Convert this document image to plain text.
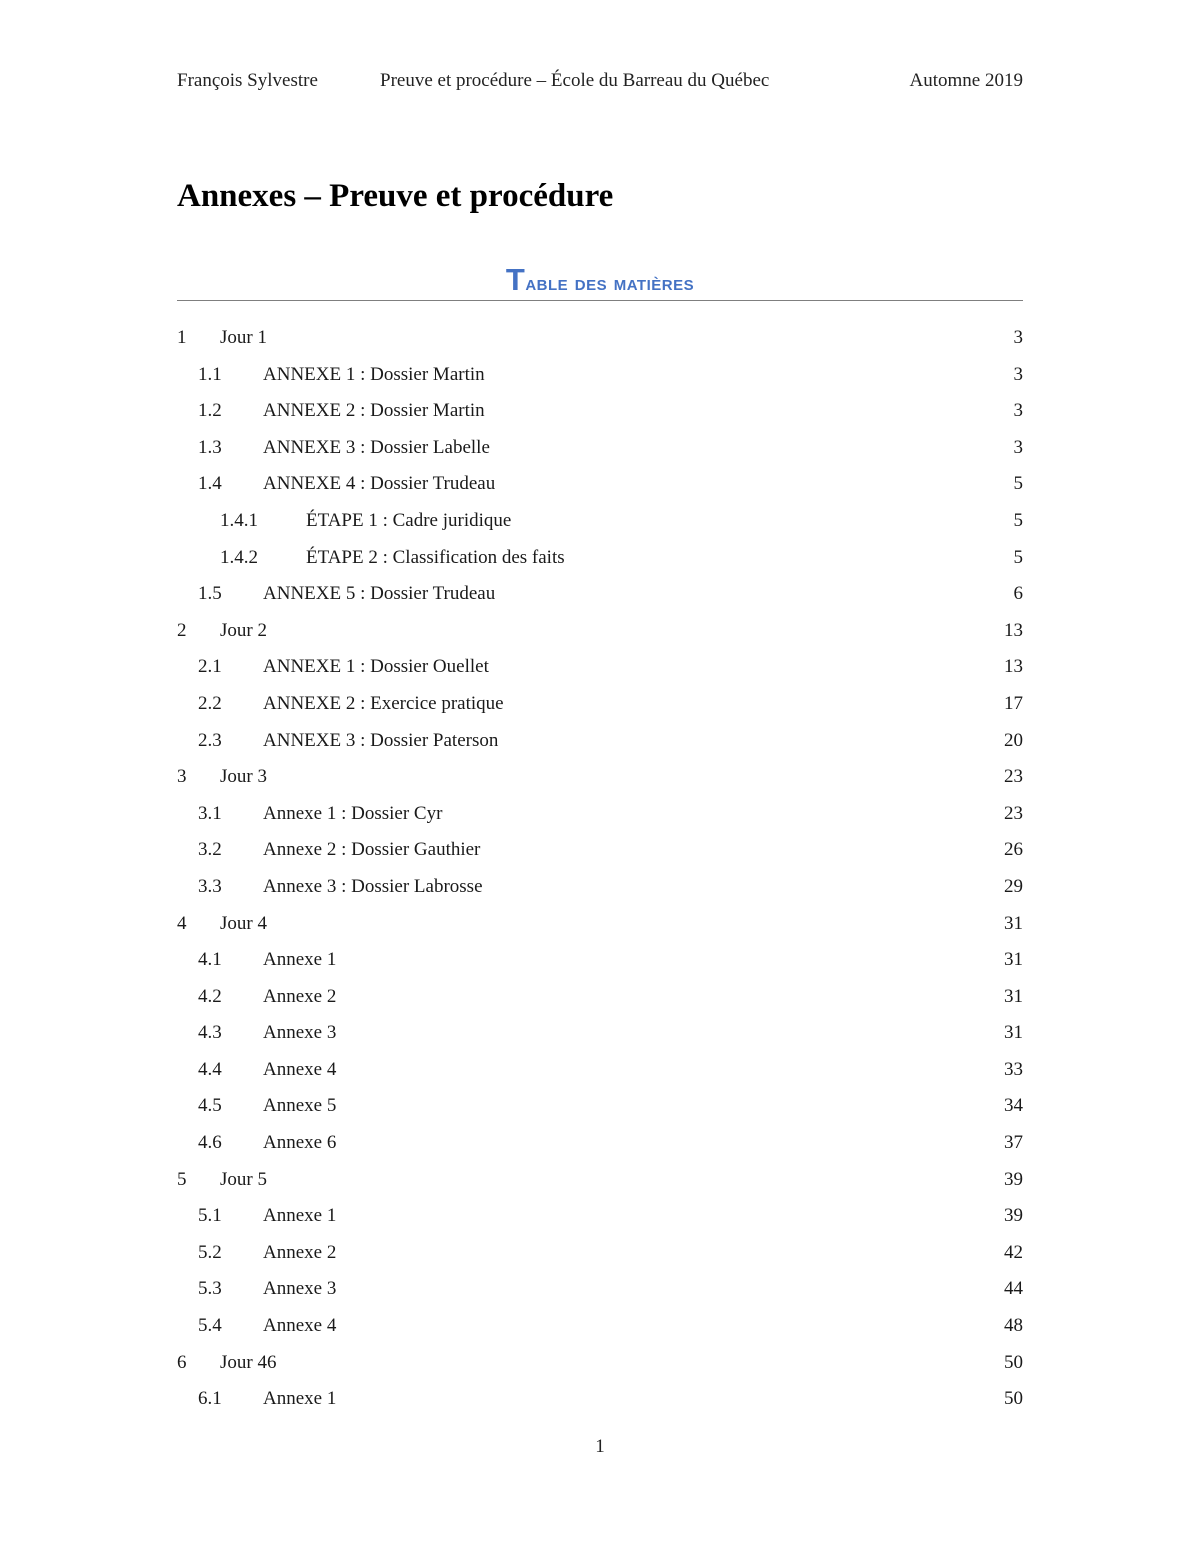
François Sylvestre	Preuve et procédure – École du Barreau du Québec	Automne 2019
Annexes – Preuve et procédure
Table des matières
1	Jour 1	3
1.1	ANNEXE 1 : Dossier Martin	3
1.2	ANNEXE 2 : Dossier Martin	3
1.3	ANNEXE 3 : Dossier Labelle	3
1.4	ANNEXE 4 : Dossier Trudeau	5
1.4.1	ÉTAPE 1 : Cadre juridique	5
1.4.2	ÉTAPE 2 : Classification des faits	5
1.5	ANNEXE 5 : Dossier Trudeau	6
2	Jour 2	13
2.1	ANNEXE 1 : Dossier Ouellet	13
2.2	ANNEXE 2 : Exercice pratique	17
2.3	ANNEXE 3 : Dossier Paterson	20
3	Jour 3	23
3.1	Annexe 1 : Dossier Cyr	23
3.2	Annexe 2 : Dossier Gauthier	26
3.3	Annexe 3 : Dossier Labrosse	29
4	Jour 4	31
4.1	Annexe 1	31
4.2	Annexe 2	31
4.3	Annexe 3	31
4.4	Annexe 4	33
4.5	Annexe 5	34
4.6	Annexe 6	37
5	Jour 5	39
5.1	Annexe 1	39
5.2	Annexe 2	42
5.3	Annexe 3	44
5.4	Annexe 4	48
6	Jour 46	50
6.1	Annexe 1	50
1
